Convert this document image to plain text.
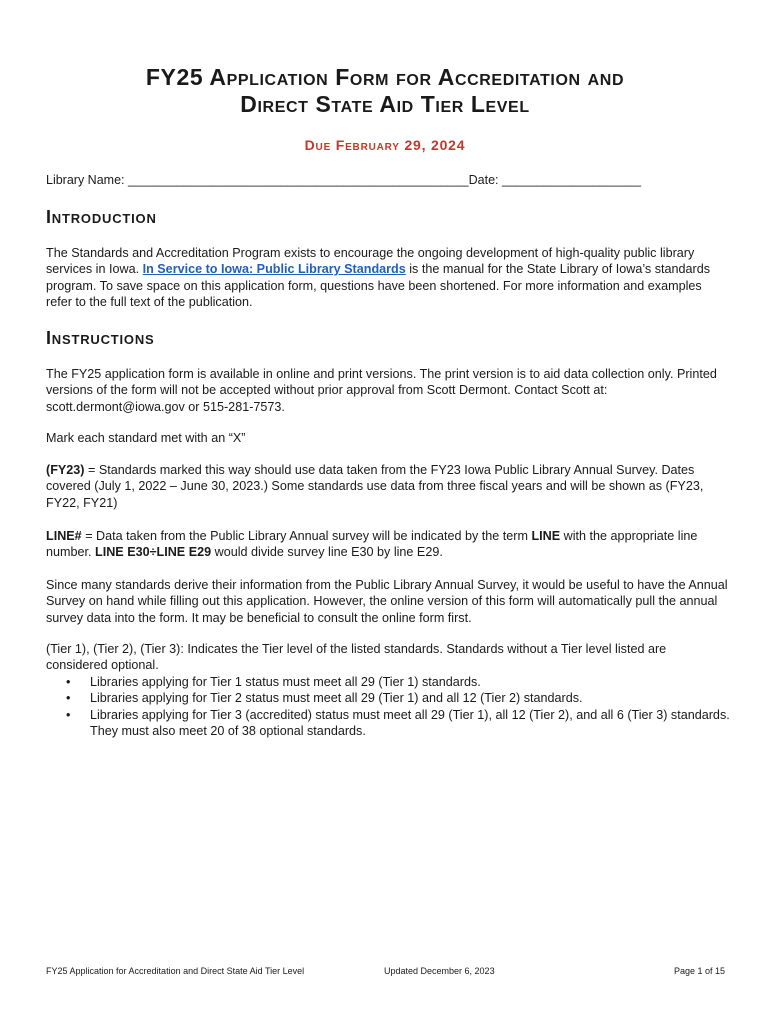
FY25 Application Form for Accreditation and
Direct State Aid Tier Level
Due February 29, 2024
Library Name: _________________________________________________Date: ____________________
Introduction
The Standards and Accreditation Program exists to encourage the ongoing development of high-quality public library services in Iowa. In Service to Iowa: Public Library Standards is the manual for the State Library of Iowa’s standards program. To save space on this application form, questions have been shortened. For more information and examples refer to the full text of the publication.
Instructions
The FY25 application form is available in online and print versions. The print version is to aid data collection only. Printed versions of the form will not be accepted without prior approval from Scott Dermont. Contact Scott at: scott.dermont@iowa.gov or 515-281-7573.
Mark each standard met with an “X”
(FY23) = Standards marked this way should use data taken from the FY23 Iowa Public Library Annual Survey. Dates covered (July 1, 2022 – June 30, 2023.) Some standards use data from three fiscal years and will be shown as (FY23, FY22, FY21)
LINE# = Data taken from the Public Library Annual survey will be indicated by the term LINE with the appropriate line number. LINE E30÷LINE E29 would divide survey line E30 by line E29.
Since many standards derive their information from the Public Library Annual Survey, it would be useful to have the Annual Survey on hand while filling out this application. However, the online version of this form will automatically pull the annual survey data into the form. It may be beneficial to consult the online form first.
(Tier 1), (Tier 2), (Tier 3): Indicates the Tier level of the listed standards. Standards without a Tier level listed are considered optional.
• Libraries applying for Tier 1 status must meet all 29 (Tier 1) standards.
• Libraries applying for Tier 2 status must meet all 29 (Tier 1) and all 12 (Tier 2) standards.
• Libraries applying for Tier 3 (accredited) status must meet all 29 (Tier 1), all 12 (Tier 2), and all 6 (Tier 3) standards. They must also meet 20 of 38 optional standards.
FY25 Application for Accreditation and Direct State Aid Tier Level	Updated December 6, 2023	Page 1 of 15
